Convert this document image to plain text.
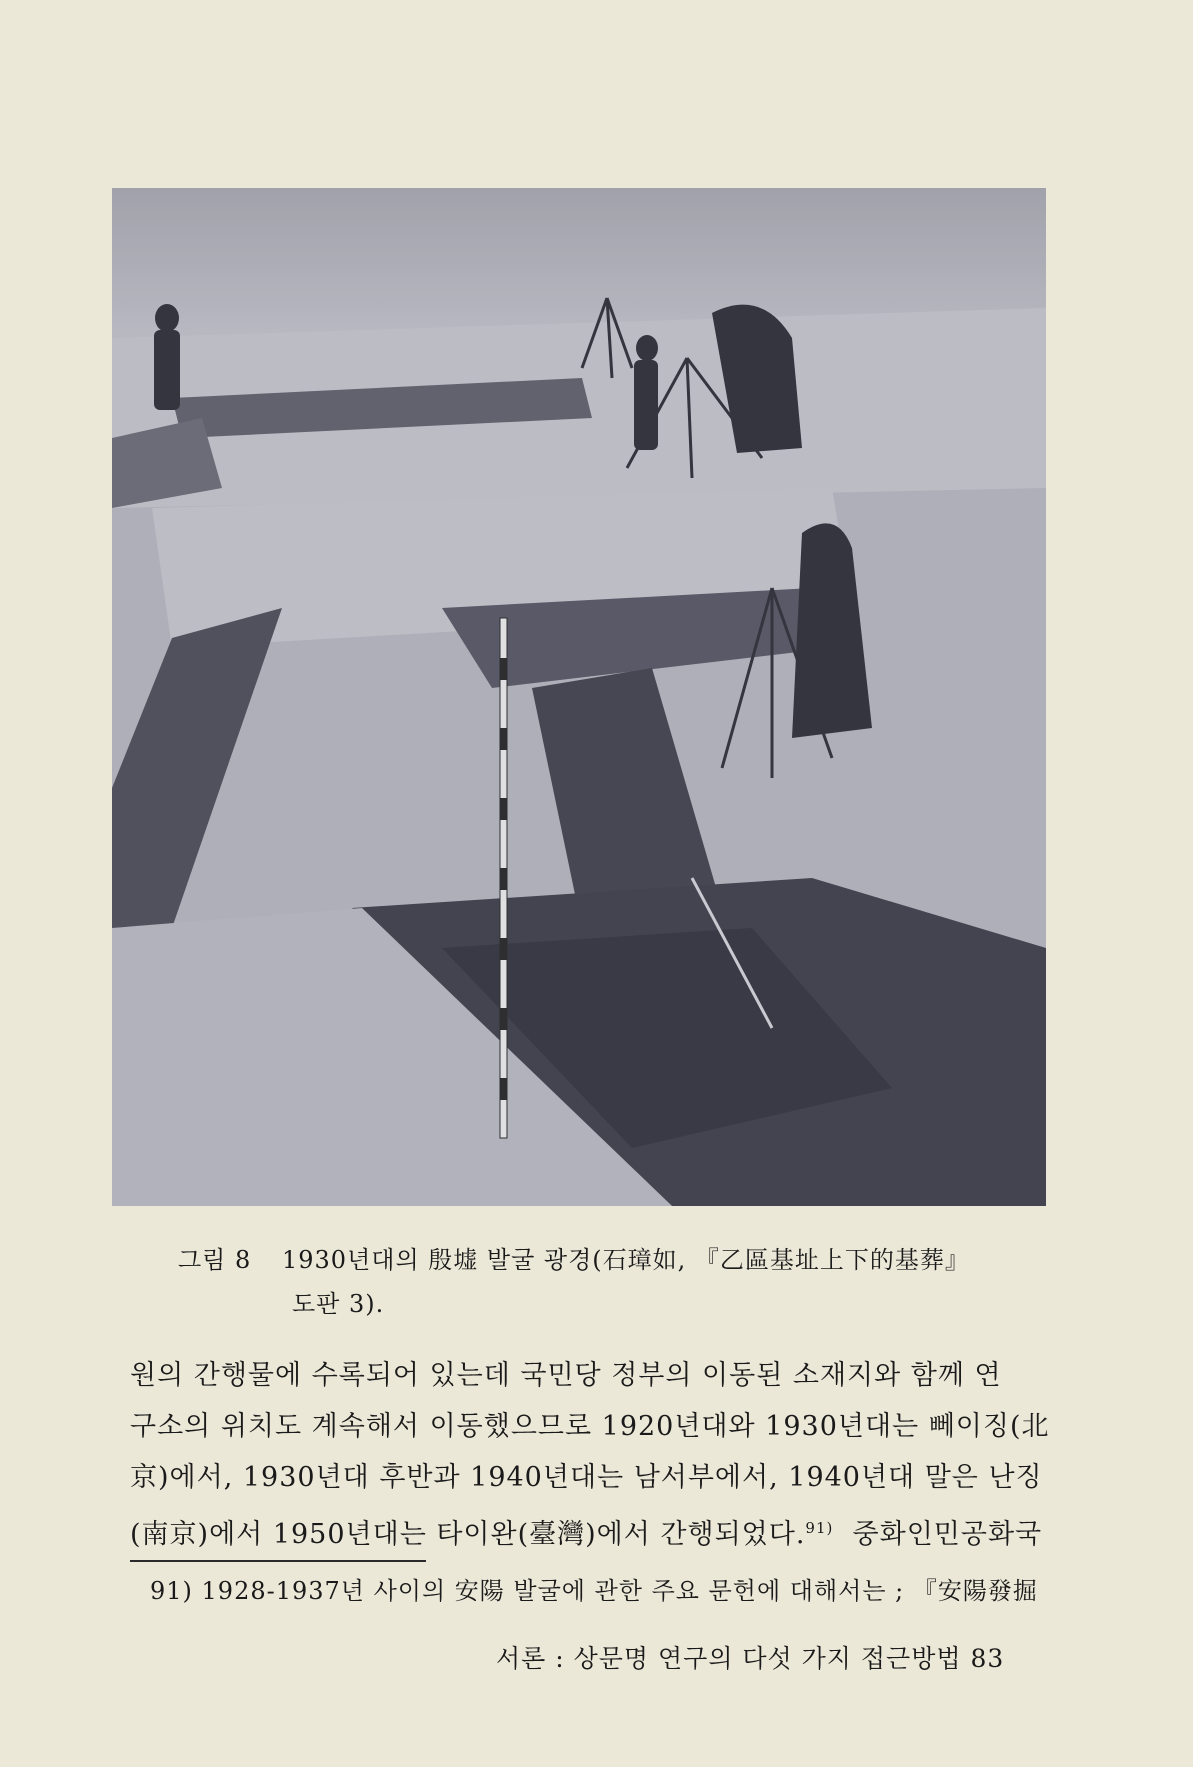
그림 8 1930년대의 殷墟 발굴 광경(石璋如, 『乙區基址上下的基葬』
도판 3).

원의 간행물에 수록되어 있는데 국민당 정부의 이동된 소재지와 함께 연

구소의 위치도 계속해서 이동했으므로 1920년대와 1930년대는 뻬이징(北

京)에서, 1930년대 후반과 1940년대는 남서부에서, 1940년대 말은 난징

(南京)에서 1950년대는 타이완(臺灣)에서 간행되었다.$^{91)}$ 중화인민공화국

91) 1928-1937년 사이의 安陽 발굴에 관한 주요 문헌에 대해서는 ; 『安陽發掘
서론 : 상문명 연구의 다섯 가지 접근방법 83
